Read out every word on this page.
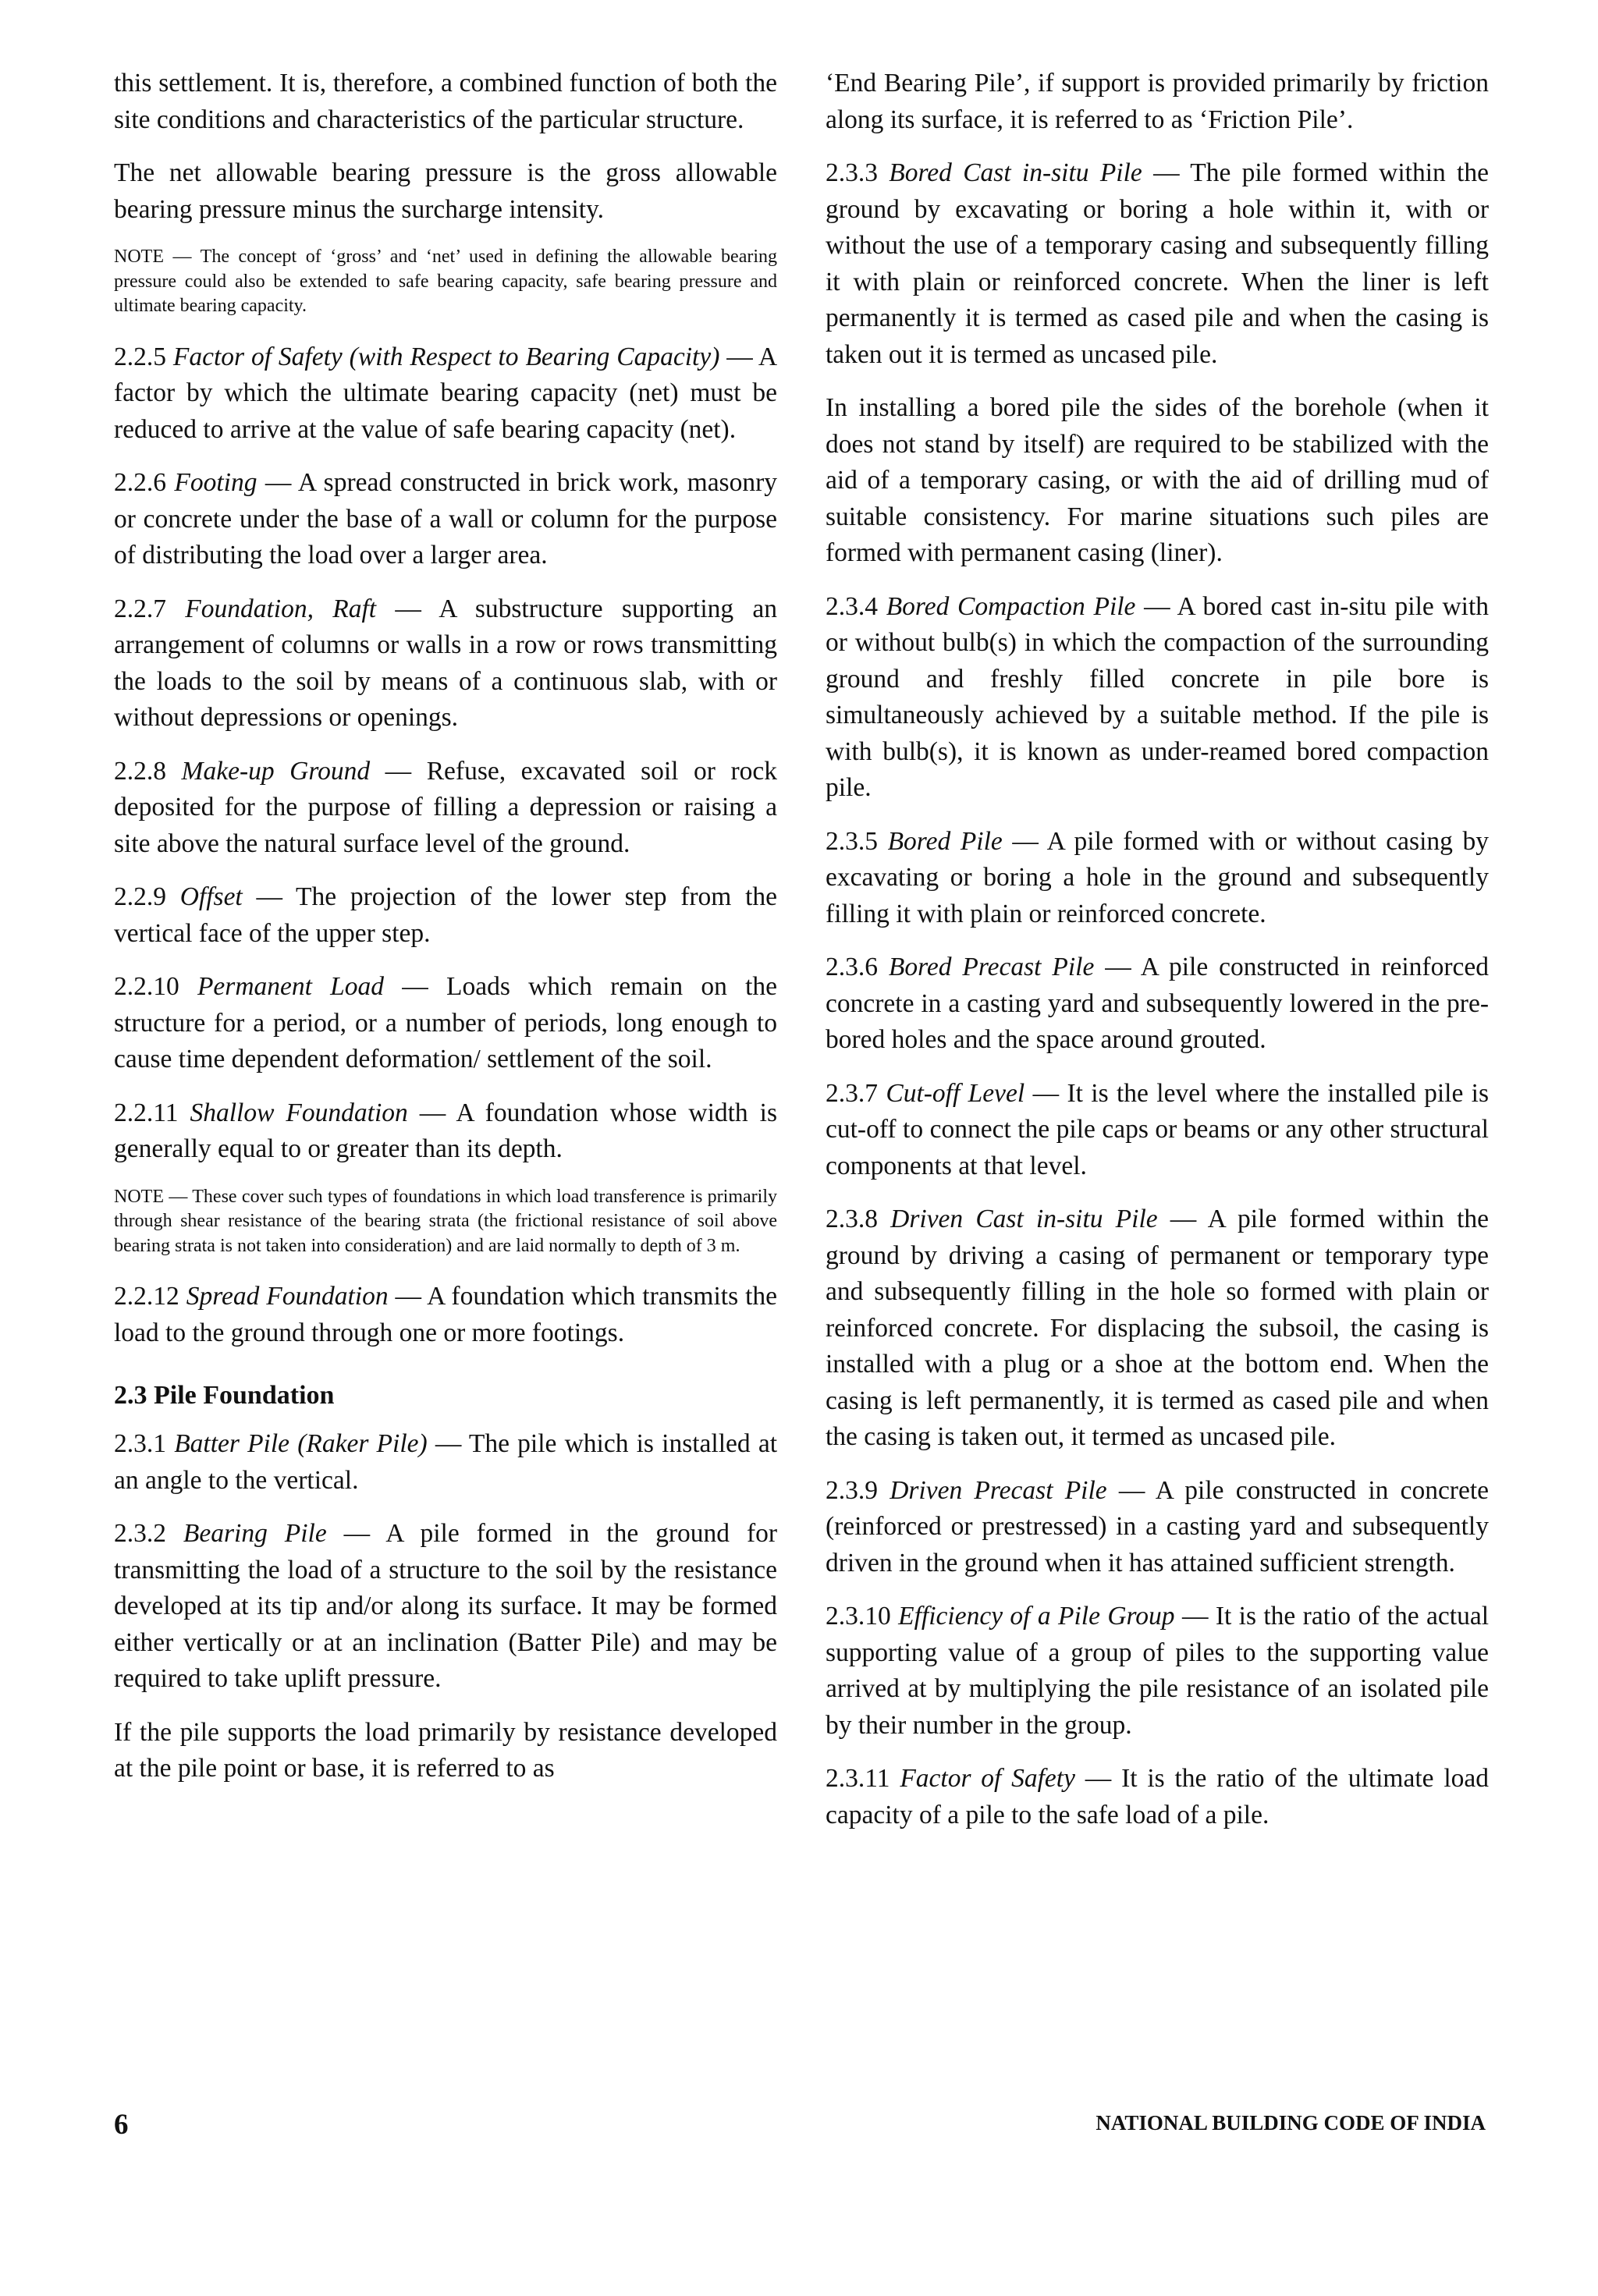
this settlement. It is, therefore, a combined function of both the site conditions and characteristics of the particular structure.

The net allowable bearing pressure is the gross allowable bearing pressure minus the surcharge intensity.

NOTE — The concept of ‘gross’ and ‘net’ used in defining the allowable bearing pressure could also be extended to safe bearing capacity, safe bearing pressure and ultimate bearing capacity.

2.2.5 Factor of Safety (with Respect to Bearing Capacity) — A factor by which the ultimate bearing capacity (net) must be reduced to arrive at the value of safe bearing capacity (net).

2.2.6 Footing — A spread constructed in brick work, masonry or concrete under the base of a wall or column for the purpose of distributing the load over a larger area.

2.2.7 Foundation, Raft — A substructure supporting an arrangement of columns or walls in a row or rows transmitting the loads to the soil by means of a continuous slab, with or without depressions or openings.

2.2.8 Make-up Ground — Refuse, excavated soil or rock deposited for the purpose of filling a depression or raising a site above the natural surface level of the ground.

2.2.9 Offset — The projection of the lower step from the vertical face of the upper step.

2.2.10 Permanent Load — Loads which remain on the structure for a period, or a number of periods, long enough to cause time dependent deformation/ settlement of the soil.

2.2.11 Shallow Foundation — A foundation whose width is generally equal to or greater than its depth.

NOTE — These cover such types of foundations in which load transference is primarily through shear resistance of the bearing strata (the frictional resistance of soil above bearing strata is not taken into consideration) and are laid normally to depth of 3 m.

2.2.12 Spread Foundation — A foundation which transmits the load to the ground through one or more footings.

2.3 Pile Foundation

2.3.1 Batter Pile (Raker Pile) — The pile which is installed at an angle to the vertical.

2.3.2 Bearing Pile — A pile formed in the ground for transmitting the load of a structure to the soil by the resistance developed at its tip and/or along its surface. It may be formed either vertically or at an inclination (Batter Pile) and may be required to take uplift pressure.

If the pile supports the load primarily by resistance developed at the pile point or base, it is referred to as

‘End Bearing Pile’, if support is provided primarily by friction along its surface, it is referred to as ‘Friction Pile’.

2.3.3 Bored Cast in-situ Pile — The pile formed within the ground by excavating or boring a hole within it, with or without the use of a temporary casing and subsequently filling it with plain or reinforced concrete. When the liner is left permanently it is termed as cased pile and when the casing is taken out it is termed as uncased pile.

In installing a bored pile the sides of the borehole (when it does not stand by itself) are required to be stabilized with the aid of a temporary casing, or with the aid of drilling mud of suitable consistency. For marine situations such piles are formed with permanent casing (liner).

2.3.4 Bored Compaction Pile — A bored cast in-situ pile with or without bulb(s) in which the compaction of the surrounding ground and freshly filled concrete in pile bore is simultaneously achieved by a suitable method. If the pile is with bulb(s), it is known as under-reamed bored compaction pile.

2.3.5 Bored Pile — A pile formed with or without casing by excavating or boring a hole in the ground and subsequently filling it with plain or reinforced concrete.

2.3.6 Bored Precast Pile — A pile constructed in reinforced concrete in a casting yard and subsequently lowered in the pre-bored holes and the space around grouted.

2.3.7 Cut-off Level — It is the level where the installed pile is cut-off to connect the pile caps or beams or any other structural components at that level.

2.3.8 Driven Cast in-situ Pile — A pile formed within the ground by driving a casing of permanent or temporary type and subsequently filling in the hole so formed with plain or reinforced concrete. For displacing the subsoil, the casing is installed with a plug or a shoe at the bottom end. When the casing is left permanently, it is termed as cased pile and when the casing is taken out, it termed as uncased pile.

2.3.9 Driven Precast Pile — A pile constructed in concrete (reinforced or prestressed) in a casting yard and subsequently driven in the ground when it has attained sufficient strength.

2.3.10 Efficiency of a Pile Group — It is the ratio of the actual supporting value of a group of piles to the supporting value arrived at by multiplying the pile resistance of an isolated pile by their number in the group.

2.3.11 Factor of Safety — It is the ratio of the ultimate load capacity of a pile to the safe load of a pile.

6	NATIONAL BUILDING CODE OF INDIA
